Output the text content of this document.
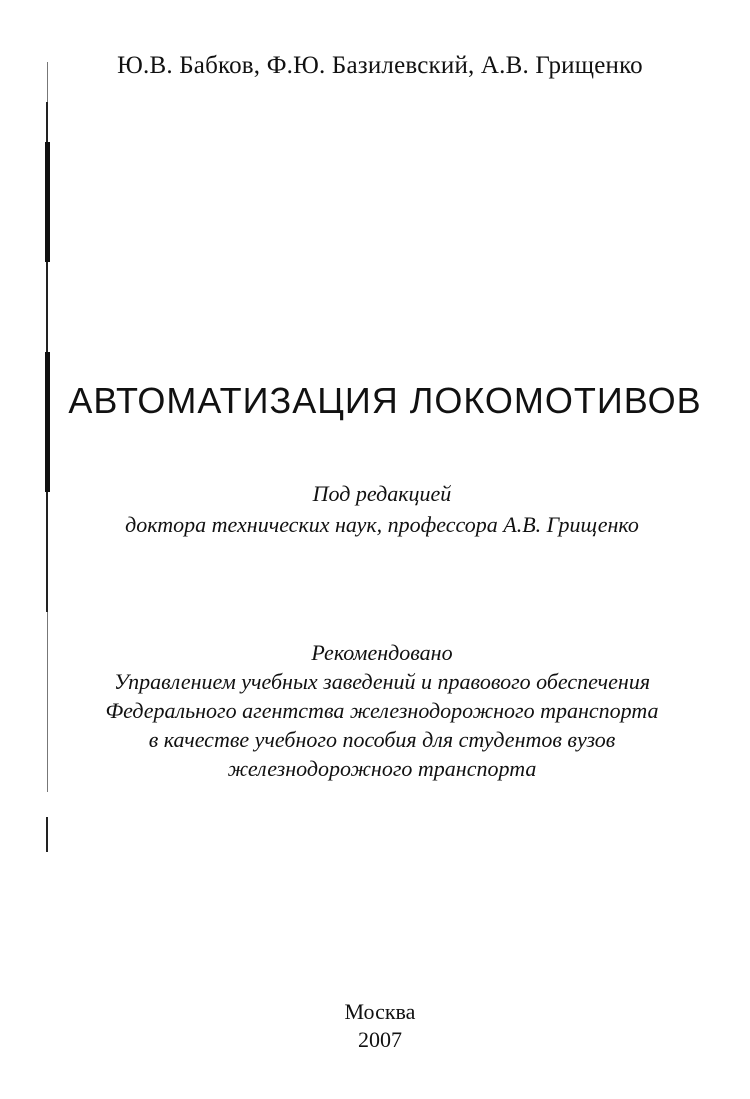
Ю.В. Бабков, Ф.Ю. Базилевский, А.В. Грищенко
АВТОМАТИЗАЦИЯ ЛОКОМОТИВОВ
Под редакцией
доктора технических наук, профессора А.В. Грищенко
Рекомендовано
Управлением учебных заведений и правового обеспечения
Федерального агентства железнодорожного транспорта
в качестве учебного пособия для студентов вузов
железнодорожного транспорта
Москва
2007
